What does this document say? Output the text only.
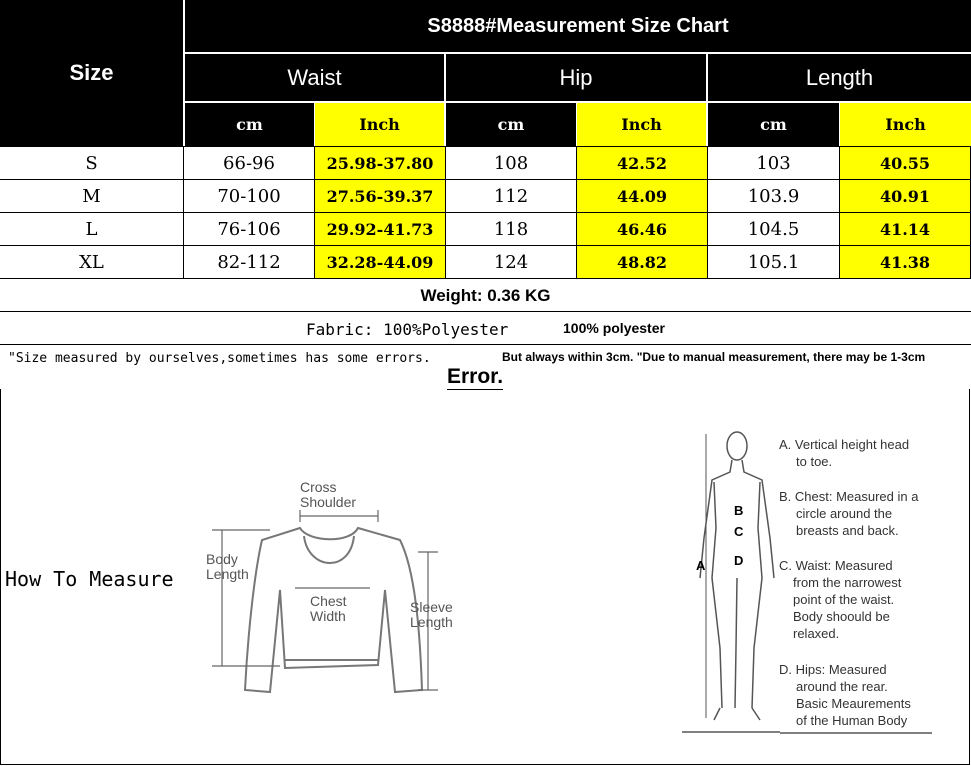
Size
S8888#Measurement Size Chart
Waist	Hip	Length
cm	Inch	cm	Inch	cm	Inch
S	66-96	25.98-37.80	108	42.52	103	40.55
M	70-100	27.56-39.37	112	44.09	103.9	40.91
L	76-106	29.92-41.73	118	46.46	104.5	41.14
XL	82-112	32.28-44.09	124	48.82	105.1	41.38
Weight: 0.36 KG
Fabric: 100%Polyester	100% polyester
"Size measured by ourselves,sometimes has some errors.	But always within 3cm. "Due to manual measurement, there may be 1-3cm
Error.
How To Measure
Cross
Shoulder
Body
Length
Chest
Width
Sleeve
Length
A
B
C
D
A. Vertical height head
to toe.
B. Chest: Measured in a
circle around the
breasts and back.
C. Waist: Measured
from the narrowest
point of the waist.
Body shoould be
relaxed.
D. Hips: Measured
around the rear.
Basic Meaurements
of the Human Body
